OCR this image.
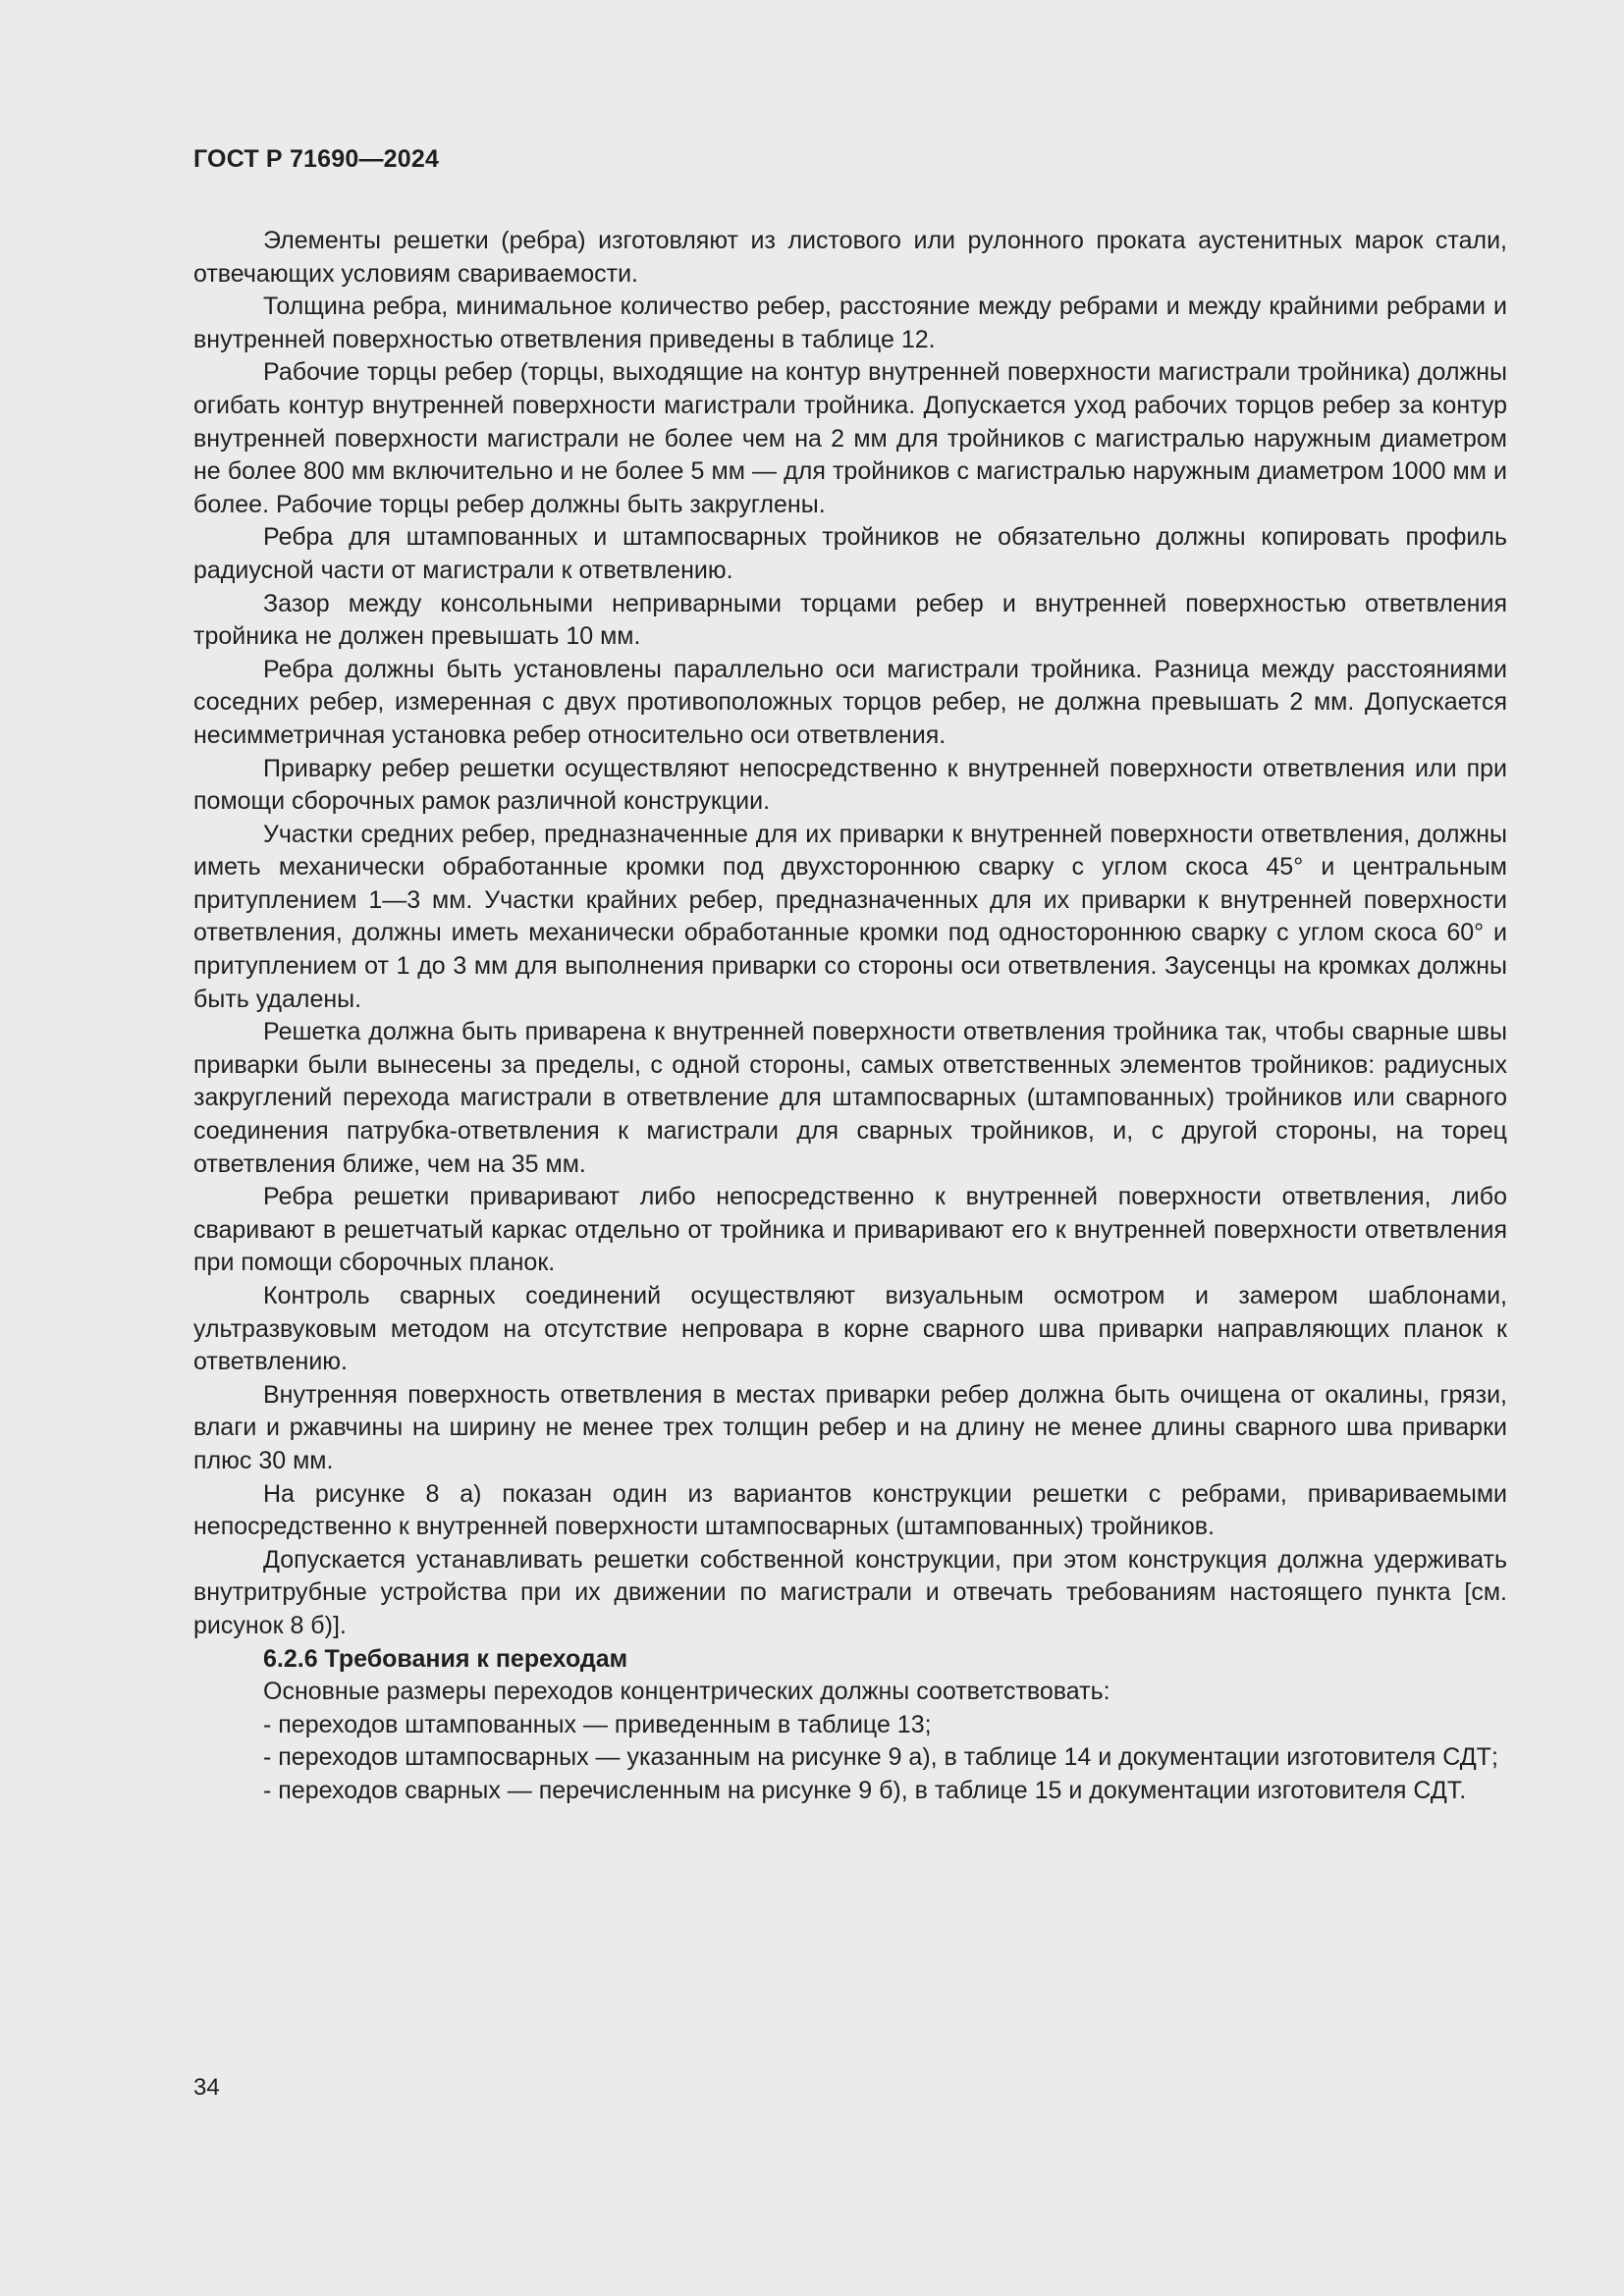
ГОСТ Р 71690—2024

Элементы решетки (ребра) изготовляют из листового или рулонного проката аустенитных марок стали, отвечающих условиям свариваемости.

Толщина ребра, минимальное количество ребер, расстояние между ребрами и между крайними ребрами и внутренней поверхностью ответвления приведены в таблице 12.

Рабочие торцы ребер (торцы, выходящие на контур внутренней поверхности магистрали тройника) должны огибать контур внутренней поверхности магистрали тройника. Допускается уход рабочих торцов ребер за контур внутренней поверхности магистрали не более чем на 2 мм для тройников с магистралью наружным диаметром не более 800 мм включительно и не более 5 мм — для тройников с магистралью наружным диаметром 1000 мм и более. Рабочие торцы ребер должны быть закруглены.

Ребра для штампованных и штампосварных тройников не обязательно должны копировать профиль радиусной части от магистрали к ответвлению.

Зазор между консольными неприварными торцами ребер и внутренней поверхностью ответвления тройника не должен превышать 10 мм.

Ребра должны быть установлены параллельно оси магистрали тройника. Разница между расстояниями соседних ребер, измеренная с двух противоположных торцов ребер, не должна превышать 2 мм. Допускается несимметричная установка ребер относительно оси ответвления.

Приварку ребер решетки осуществляют непосредственно к внутренней поверхности ответвления или при помощи сборочных рамок различной конструкции.

Участки средних ребер, предназначенные для их приварки к внутренней поверхности ответвления, должны иметь механически обработанные кромки под двухстороннюю сварку с углом скоса 45° и центральным притуплением 1—3 мм. Участки крайних ребер, предназначенных для их приварки к внутренней поверхности ответвления, должны иметь механически обработанные кромки под одностороннюю сварку с углом скоса 60° и притуплением от 1 до 3 мм для выполнения приварки со стороны оси ответвления. Заусенцы на кромках должны быть удалены.

Решетка должна быть приварена к внутренней поверхности ответвления тройника так, чтобы сварные швы приварки были вынесены за пределы, с одной стороны, самых ответственных элементов тройников: радиусных закруглений перехода магистрали в ответвление для штампосварных (штампованных) тройников или сварного соединения патрубка-ответвления к магистрали для сварных тройников, и, с другой стороны, на торец ответвления ближе, чем на 35 мм.

Ребра решетки приваривают либо непосредственно к внутренней поверхности ответвления, либо сваривают в решетчатый каркас отдельно от тройника и приваривают его к внутренней поверхности ответвления при помощи сборочных планок.

Контроль сварных соединений осуществляют визуальным осмотром и замером шаблонами, ультразвуковым методом на отсутствие непровара в корне сварного шва приварки направляющих планок к ответвлению.

Внутренняя поверхность ответвления в местах приварки ребер должна быть очищена от окалины, грязи, влаги и ржавчины на ширину не менее трех толщин ребер и на длину не менее длины сварного шва приварки плюс 30 мм.

На рисунке 8 а) показан один из вариантов конструкции решетки с ребрами, привариваемыми непосредственно к внутренней поверхности штампосварных (штампованных) тройников.

Допускается устанавливать решетки собственной конструкции, при этом конструкция должна удерживать внутритрубные устройства при их движении по магистрали и отвечать требованиям настоящего пункта [см. рисунок 8 б)].

6.2.6 Требования к переходам

Основные размеры переходов концентрических должны соответствовать:

- переходов штампованных — приведенным в таблице 13;

- переходов штампосварных — указанным на рисунке 9 а), в таблице 14 и документации изготовителя СДТ;

- переходов сварных — перечисленным на рисунке 9 б), в таблице 15 и документации изготовителя СДТ.

34
